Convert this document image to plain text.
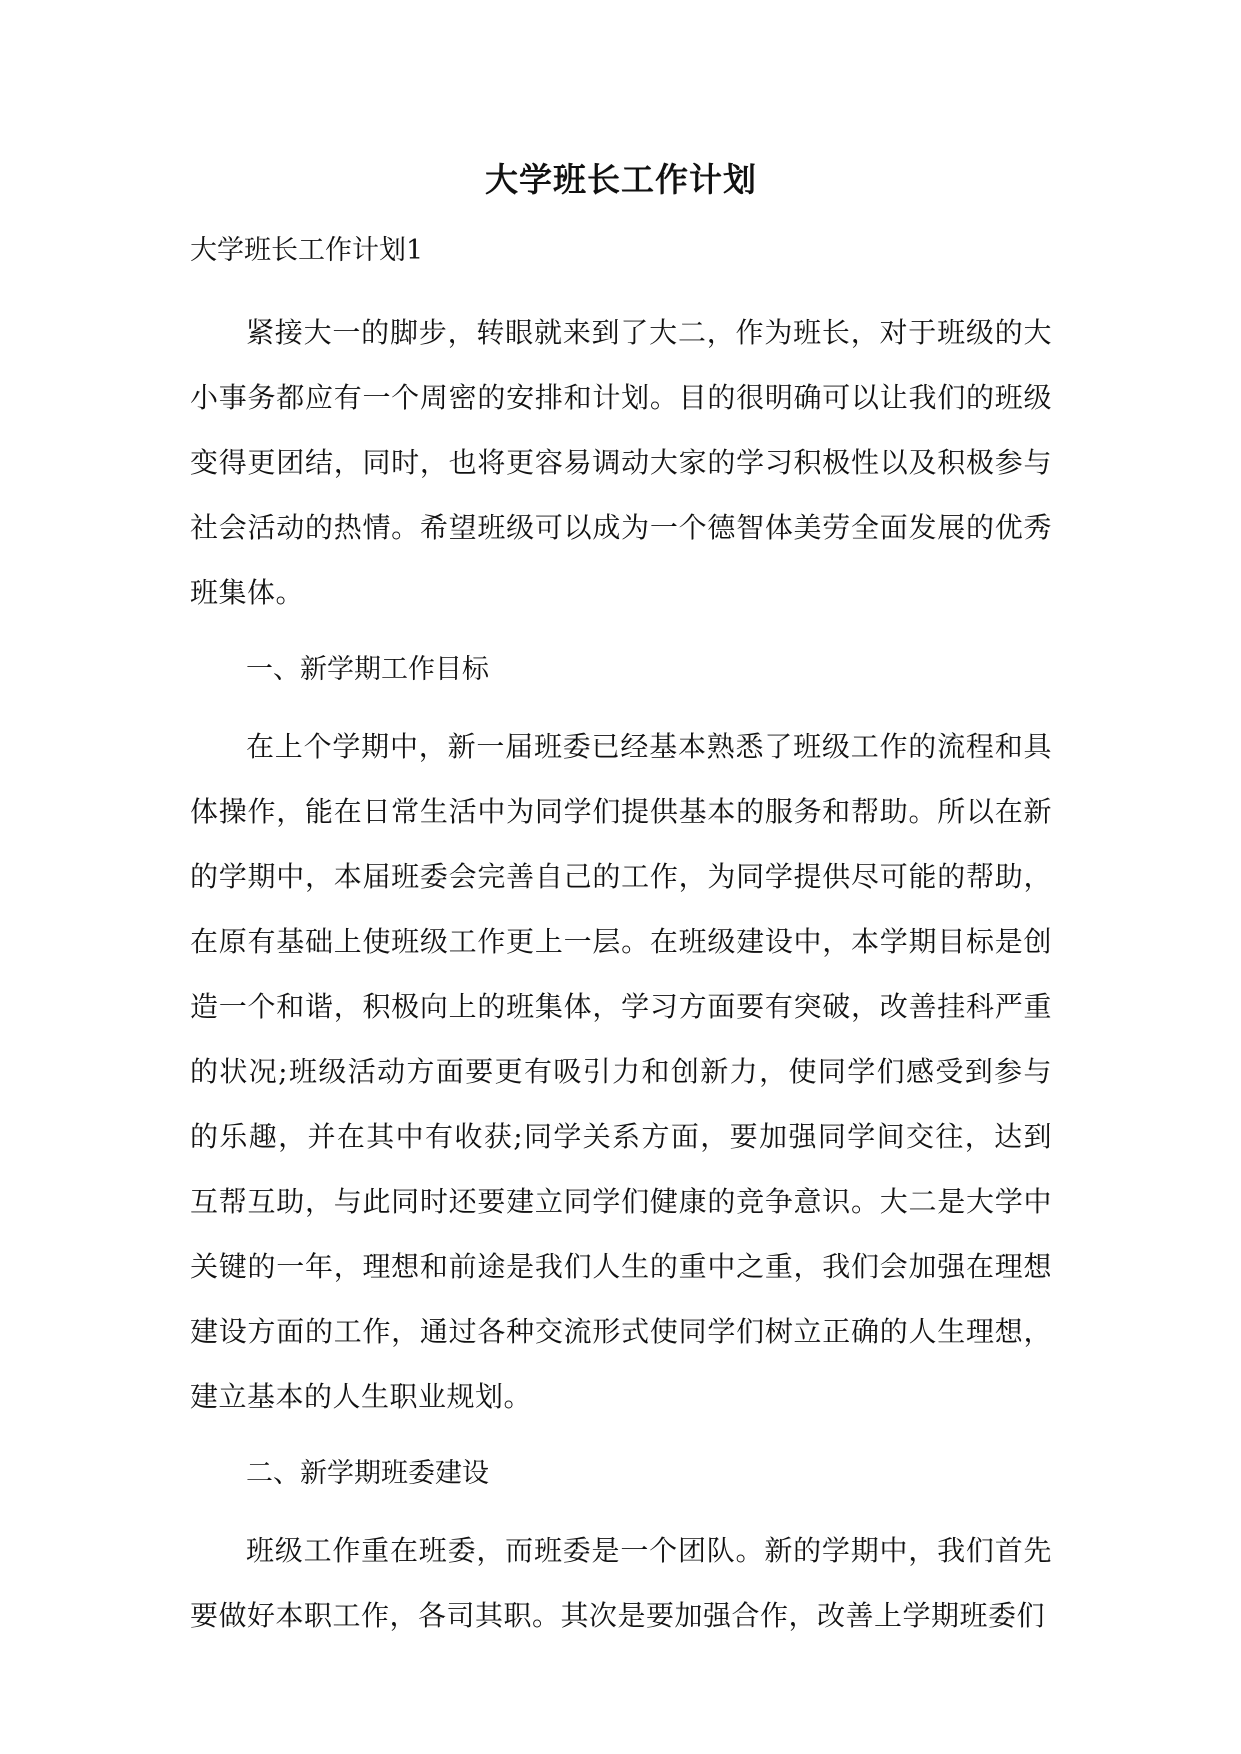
大学班长工作计划
大学班长工作计划1

紧接大一的脚步，转眼就来到了大二，作为班长，对于班级的大小事务都应有一个周密的安排和计划。目的很明确可以让我们的班级变得更团结，同时，也将更容易调动大家的学习积极性以及积极参与社会活动的热情。希望班级可以成为一个德智体美劳全面发展的优秀班集体。

一、新学期工作目标

在上个学期中，新一届班委已经基本熟悉了班级工作的流程和具体操作，能在日常生活中为同学们提供基本的服务和帮助。所以在新的学期中，本届班委会完善自己的工作，为同学提供尽可能的帮助，在原有基础上使班级工作更上一层。在班级建设中，本学期目标是创造一个和谐，积极向上的班集体，学习方面要有突破，改善挂科严重的状况;班级活动方面要更有吸引力和创新力，使同学们感受到参与的乐趣，并在其中有收获;同学关系方面，要加强同学间交往，达到互帮互助，与此同时还要建立同学们健康的竞争意识。大二是大学中关键的一年，理想和前途是我们人生的重中之重，我们会加强在理想建设方面的工作，通过各种交流形式使同学们树立正确的人生理想，建立基本的人生职业规划。

二、新学期班委建设

班级工作重在班委，而班委是一个团队。新的学期中，我们首先要做好本职工作，各司其职。其次是要加强合作，改善上学期班委们
